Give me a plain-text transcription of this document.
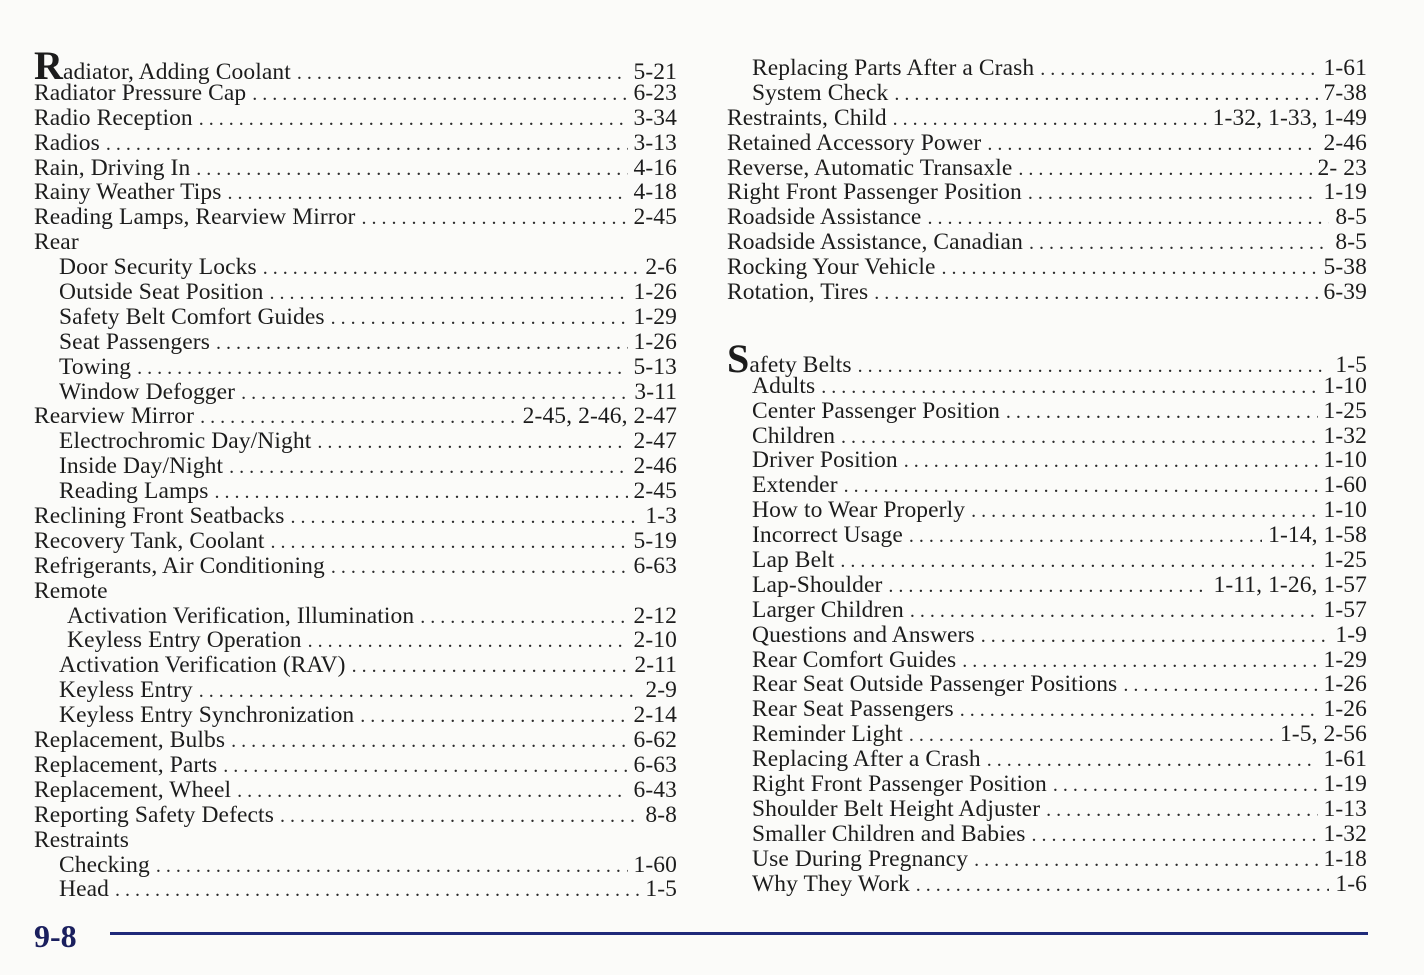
Radiator, Adding Coolant . . .	5-21
Radiator Pressure Cap . . .	6-23
Radio Reception . . .	3-34
Radios . . .	3-13
Rain, Driving In . . .	4-16
Rainy Weather Tips . . .	4-18
Reading Lamps, Rearview Mirror . . .	2-45
Rear
Door Security Locks . . .	2-6
Outside Seat Position . . .	1-26
Safety Belt Comfort Guides . . .	1-29
Seat Passengers . . .	1-26
Towing . . .	5-13
Window Defogger . . .	3-11
Rearview Mirror . . .	2-45, 2-46, 2-47
Electrochromic Day/Night . . .	2-47
Inside Day/Night . . .	2-46
Reading Lamps . . .	2-45
Reclining Front Seatbacks . . .	1-3
Recovery Tank, Coolant . . .	5-19
Refrigerants, Air Conditioning . . .	6-63
Remote
Activation Verification, Illumination . . .	2-12
Keyless Entry Operation . . .	2-10
Activation Verification (RAV) . . .	2-11
Keyless Entry . . .	2-9
Keyless Entry Synchronization . . .	2-14
Replacement, Bulbs . . .	6-62
Replacement, Parts . . .	6-63
Replacement, Wheel . . .	6-43
Reporting Safety Defects . . .	8-8
Restraints
Checking . . .	1-60
Head . . .	1-5
Replacing Parts After a Crash . . .	1-61
System Check . . .	7-38
Restraints, Child . . .	1-32, 1-33, 1-49
Retained Accessory Power . . .	2-46
Reverse, Automatic Transaxle . . .	2- 23
Right Front Passenger Position . . .	1-19
Roadside Assistance . . .	8-5
Roadside Assistance, Canadian . . .	8-5
Rocking Your Vehicle . . .	5-38
Rotation, Tires . . .	6-39
Safety Belts . . .	1-5
Adults . . .	1-10
Center Passenger Position . . .	1-25
Children . . .	1-32
Driver Position . . .	1-10
Extender . . .	1-60
How to Wear Properly . . .	1-10
Incorrect Usage . . .	1-14, 1-58
Lap Belt . . .	1-25
Lap-Shoulder . . .	1-11, 1-26, 1-57
Larger Children . . .	1-57
Questions and Answers . . .	1-9
Rear Comfort Guides . . .	1-29
Rear Seat Outside Passenger Positions . . .	1-26
Rear Seat Passengers . . .	1-26
Reminder Light . . .	1-5, 2-56
Replacing After a Crash . . .	1-61
Right Front Passenger Position . . .	1-19
Shoulder Belt Height Adjuster . . .	1-13
Smaller Children and Babies . . .	1-32
Use During Pregnancy . . .	1-18
Why They Work . . .	1-6
9-8
